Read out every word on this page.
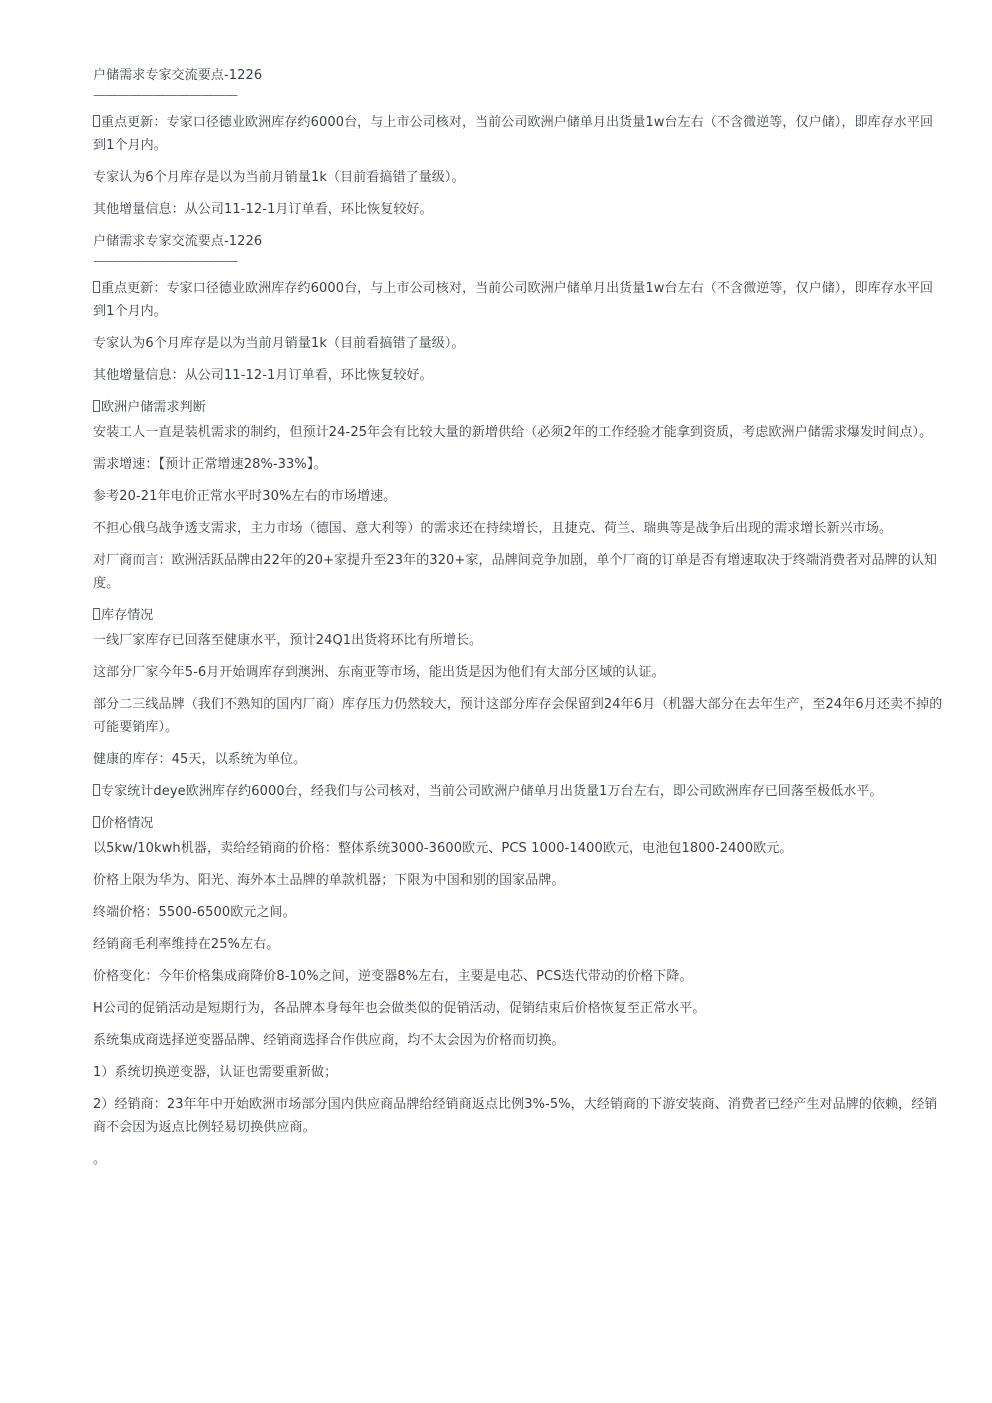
户储需求专家交流要点-1226
————————————
重点更新：专家口径德业欧洲库存约6000台，与上市公司核对，当前公司欧洲户储单月出货量1w台左右（不含微逆等，仅户储），即库存水平回到1个月内。
专家认为6个月库存是以为当前月销量1k（目前看搞错了量级）。
其他增量信息：从公司11-12-1月订单看，环比恢复较好。
户储需求专家交流要点-1226
————————————
重点更新：专家口径德业欧洲库存约6000台，与上市公司核对，当前公司欧洲户储单月出货量1w台左右（不含微逆等，仅户储），即库存水平回到1个月内。
专家认为6个月库存是以为当前月销量1k（目前看搞错了量级）。
其他增量信息：从公司11-12-1月订单看，环比恢复较好。
欧洲户储需求判断
安装工人一直是装机需求的制约，但预计24-25年会有比较大量的新增供给（必须2年的工作经验才能拿到资质，考虑欧洲户储需求爆发时间点）。
需求增速：【预计正常增速28%-33%】。
参考20-21年电价正常水平时30%左右的市场增速。
不担心俄乌战争透支需求，主力市场（德国、意大利等）的需求还在持续增长，且捷克、荷兰、瑞典等是战争后出现的需求增长新兴市场。
对厂商而言：欧洲活跃品牌由22年的20+家提升至23年的320+家，品牌间竞争加剧，单个厂商的订单是否有增速取决于终端消费者对品牌的认知度。
库存情况
一线厂家库存已回落至健康水平，预计24Q1出货将环比有所增长。
这部分厂家今年5-6月开始调库存到澳洲、东南亚等市场，能出货是因为他们有大部分区域的认证。
部分二三线品牌（我们不熟知的国内厂商）库存压力仍然较大，预计这部分库存会保留到24年6月（机器大部分在去年生产，至24年6月还卖不掉的可能要销库）。
健康的库存：45天，以系统为单位。
专家统计deye欧洲库存约6000台，经我们与公司核对，当前公司欧洲户储单月出货量1万台左右，即公司欧洲库存已回落至极低水平。
价格情况
以5kw/10kwh机器，卖给经销商的价格：整体系统3000-3600欧元、PCS 1000-1400欧元，电池包1800-2400欧元。
价格上限为华为、阳光、海外本土品牌的单款机器；下限为中国和别的国家品牌。
终端价格：5500-6500欧元之间。
经销商毛利率维持在25%左右。
价格变化：今年价格集成商降价8-10%之间，逆变器8%左右，主要是电芯、PCS迭代带动的价格下降。
H公司的促销活动是短期行为，各品牌本身每年也会做类似的促销活动，促销结束后价格恢复至正常水平。
系统集成商选择逆变器品牌、经销商选择合作供应商，均不太会因为价格而切换。
1）系统切换逆变器，认证也需要重新做；
2）经销商：23年年中开始欧洲市场部分国内供应商品牌给经销商返点比例3%-5%，大经销商的下游安装商、消费者已经产生对品牌的依赖，经销商不会因为返点比例轻易切换供应商。
。
